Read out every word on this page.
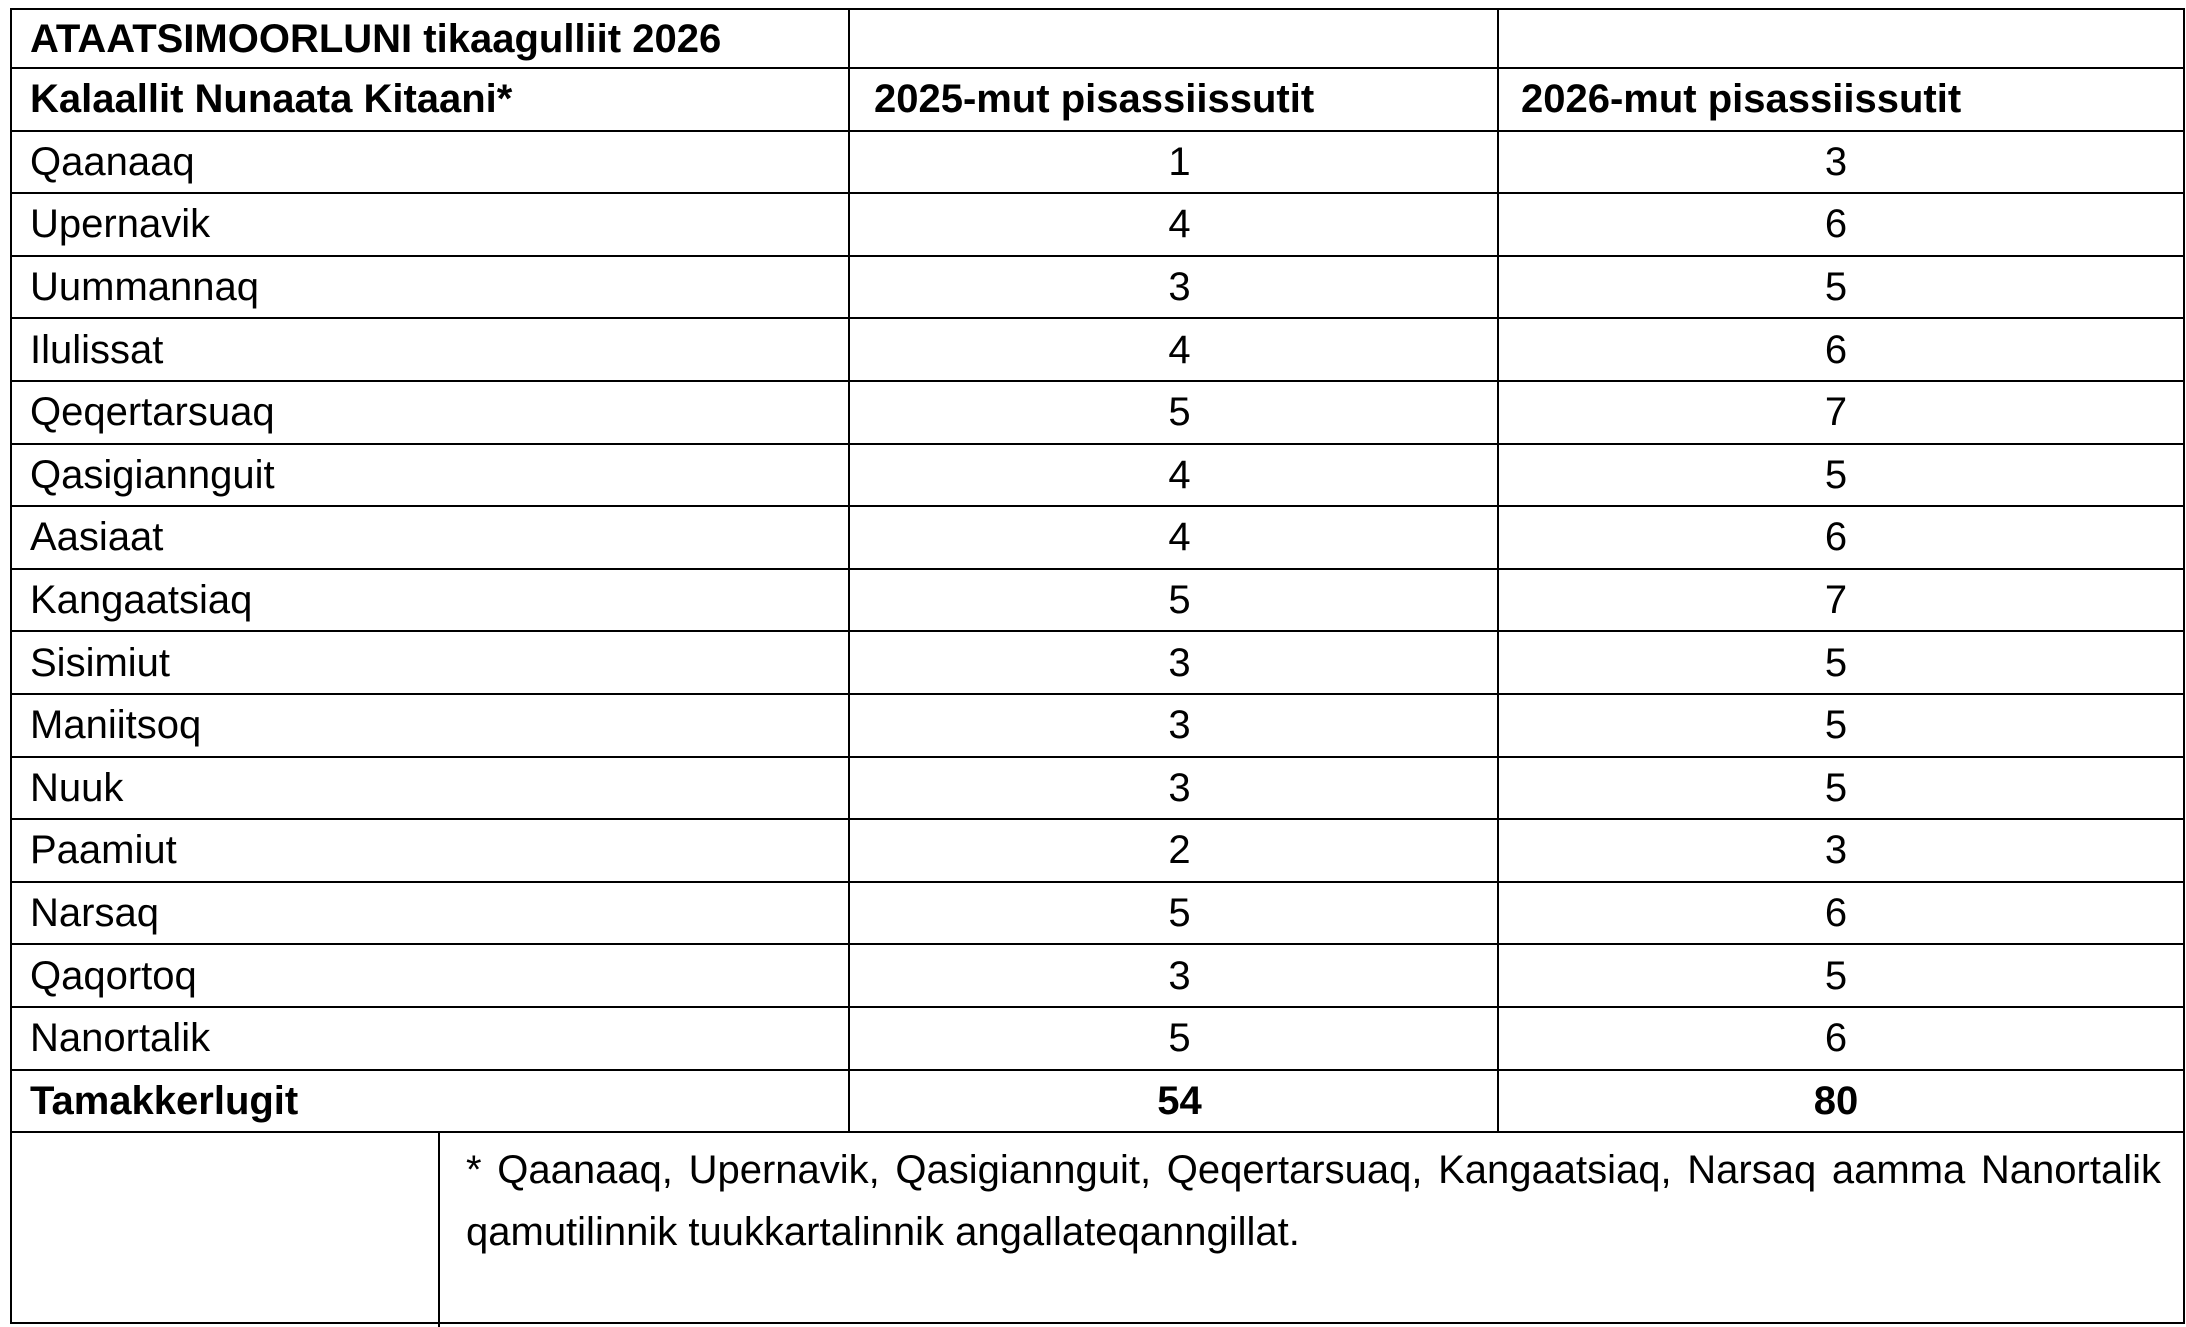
ATAATSIMOORLUNI tikaagulliit 2026
Kalaallit Nunaata Kitaani*	2025-mut pisassiissutit	2026-mut pisassiissutit
Qaanaaq	1	3
Upernavik	4	6
Uummannaq	3	5
Ilulissat	4	6
Qeqertarsuaq	5	7
Qasigiannguit	4	5
Aasiaat	4	6
Kangaatsiaq	5	7
Sisimiut	3	5
Maniitsoq	3	5
Nuuk	3	5
Paamiut	2	3
Narsaq	5	6
Qaqortoq	3	5
Nanortalik	5	6
Tamakkerlugit	54	80
* Qaanaaq, Upernavik, Qasigiannguit, Qeqertarsuaq, Kangaatsiaq, Narsaq aamma Nanortalik qamutilinnik tuukkartalinnik angallateqanngillat.
